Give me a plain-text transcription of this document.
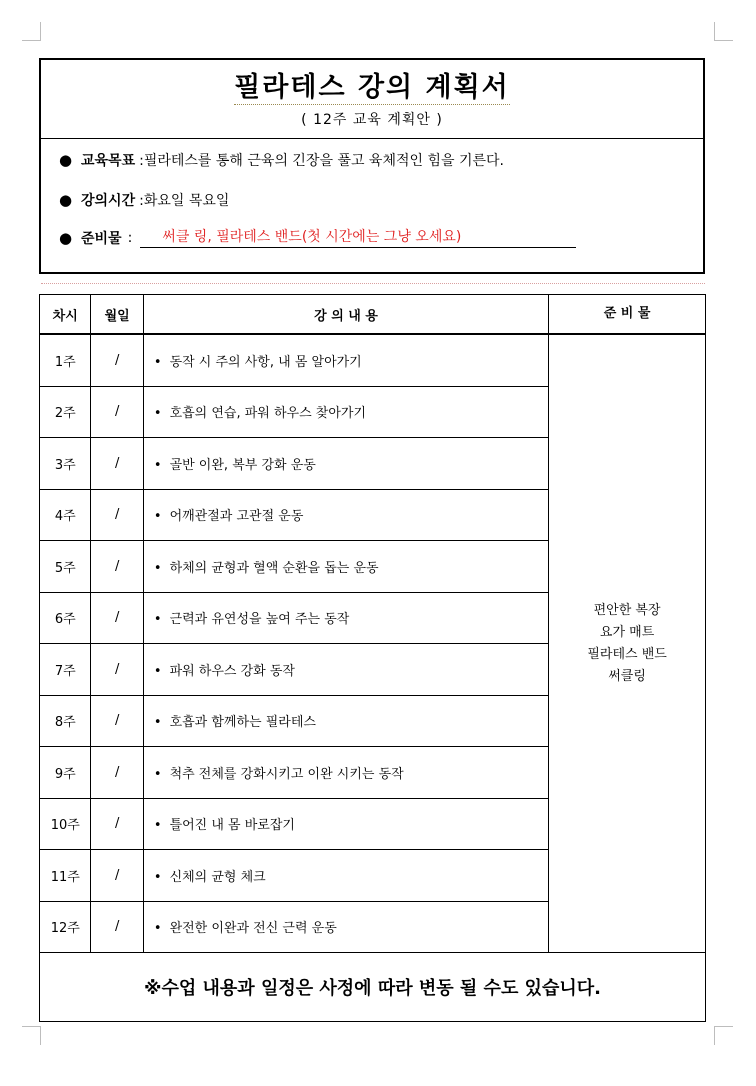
필라테스 강의 계획서
( 12주 교육 계획안 )
● 교육목표 :필라테스를 통해 근육의 긴장을 풀고 육체적인 힘을 기른다.
● 강의시간 :화요일 목요일
● 준비물 :	써클 링, 필라테스 밴드(첫 시간에는 그냥 오세요)
차시	월일	강 의 내 용	준 비 물
1주	/	• 동작 시 주의 사항, 내 몸 알아가기	편안한 복장
요가 매트
필라테스 밴드
써클링

2주	/	• 호흡의 연습, 파워 하우스 찾아가기	
3주	/	• 골반 이완, 복부 강화 운동	
4주	/	• 어깨관절과 고관절 운동	
5주	/	• 하체의 균형과 혈액 순환을 돕는 운동	
6주	/	• 근력과 유연성을 높여 주는 동작	
7주	/	• 파워 하우스 강화 동작	
8주	/	• 호흡과 함께하는 필라테스	
9주	/	• 척추 전체를 강화시키고 이완 시키는 동작	
10주	/	• 틀어진 내 몸 바로잡기	
11주	/	• 신체의 균형 체크	
12주	/	• 완전한 이완과 전신 근력 운동	
※수업 내용과 일정은 사정에 따라 변동 될 수도 있습니다.			
